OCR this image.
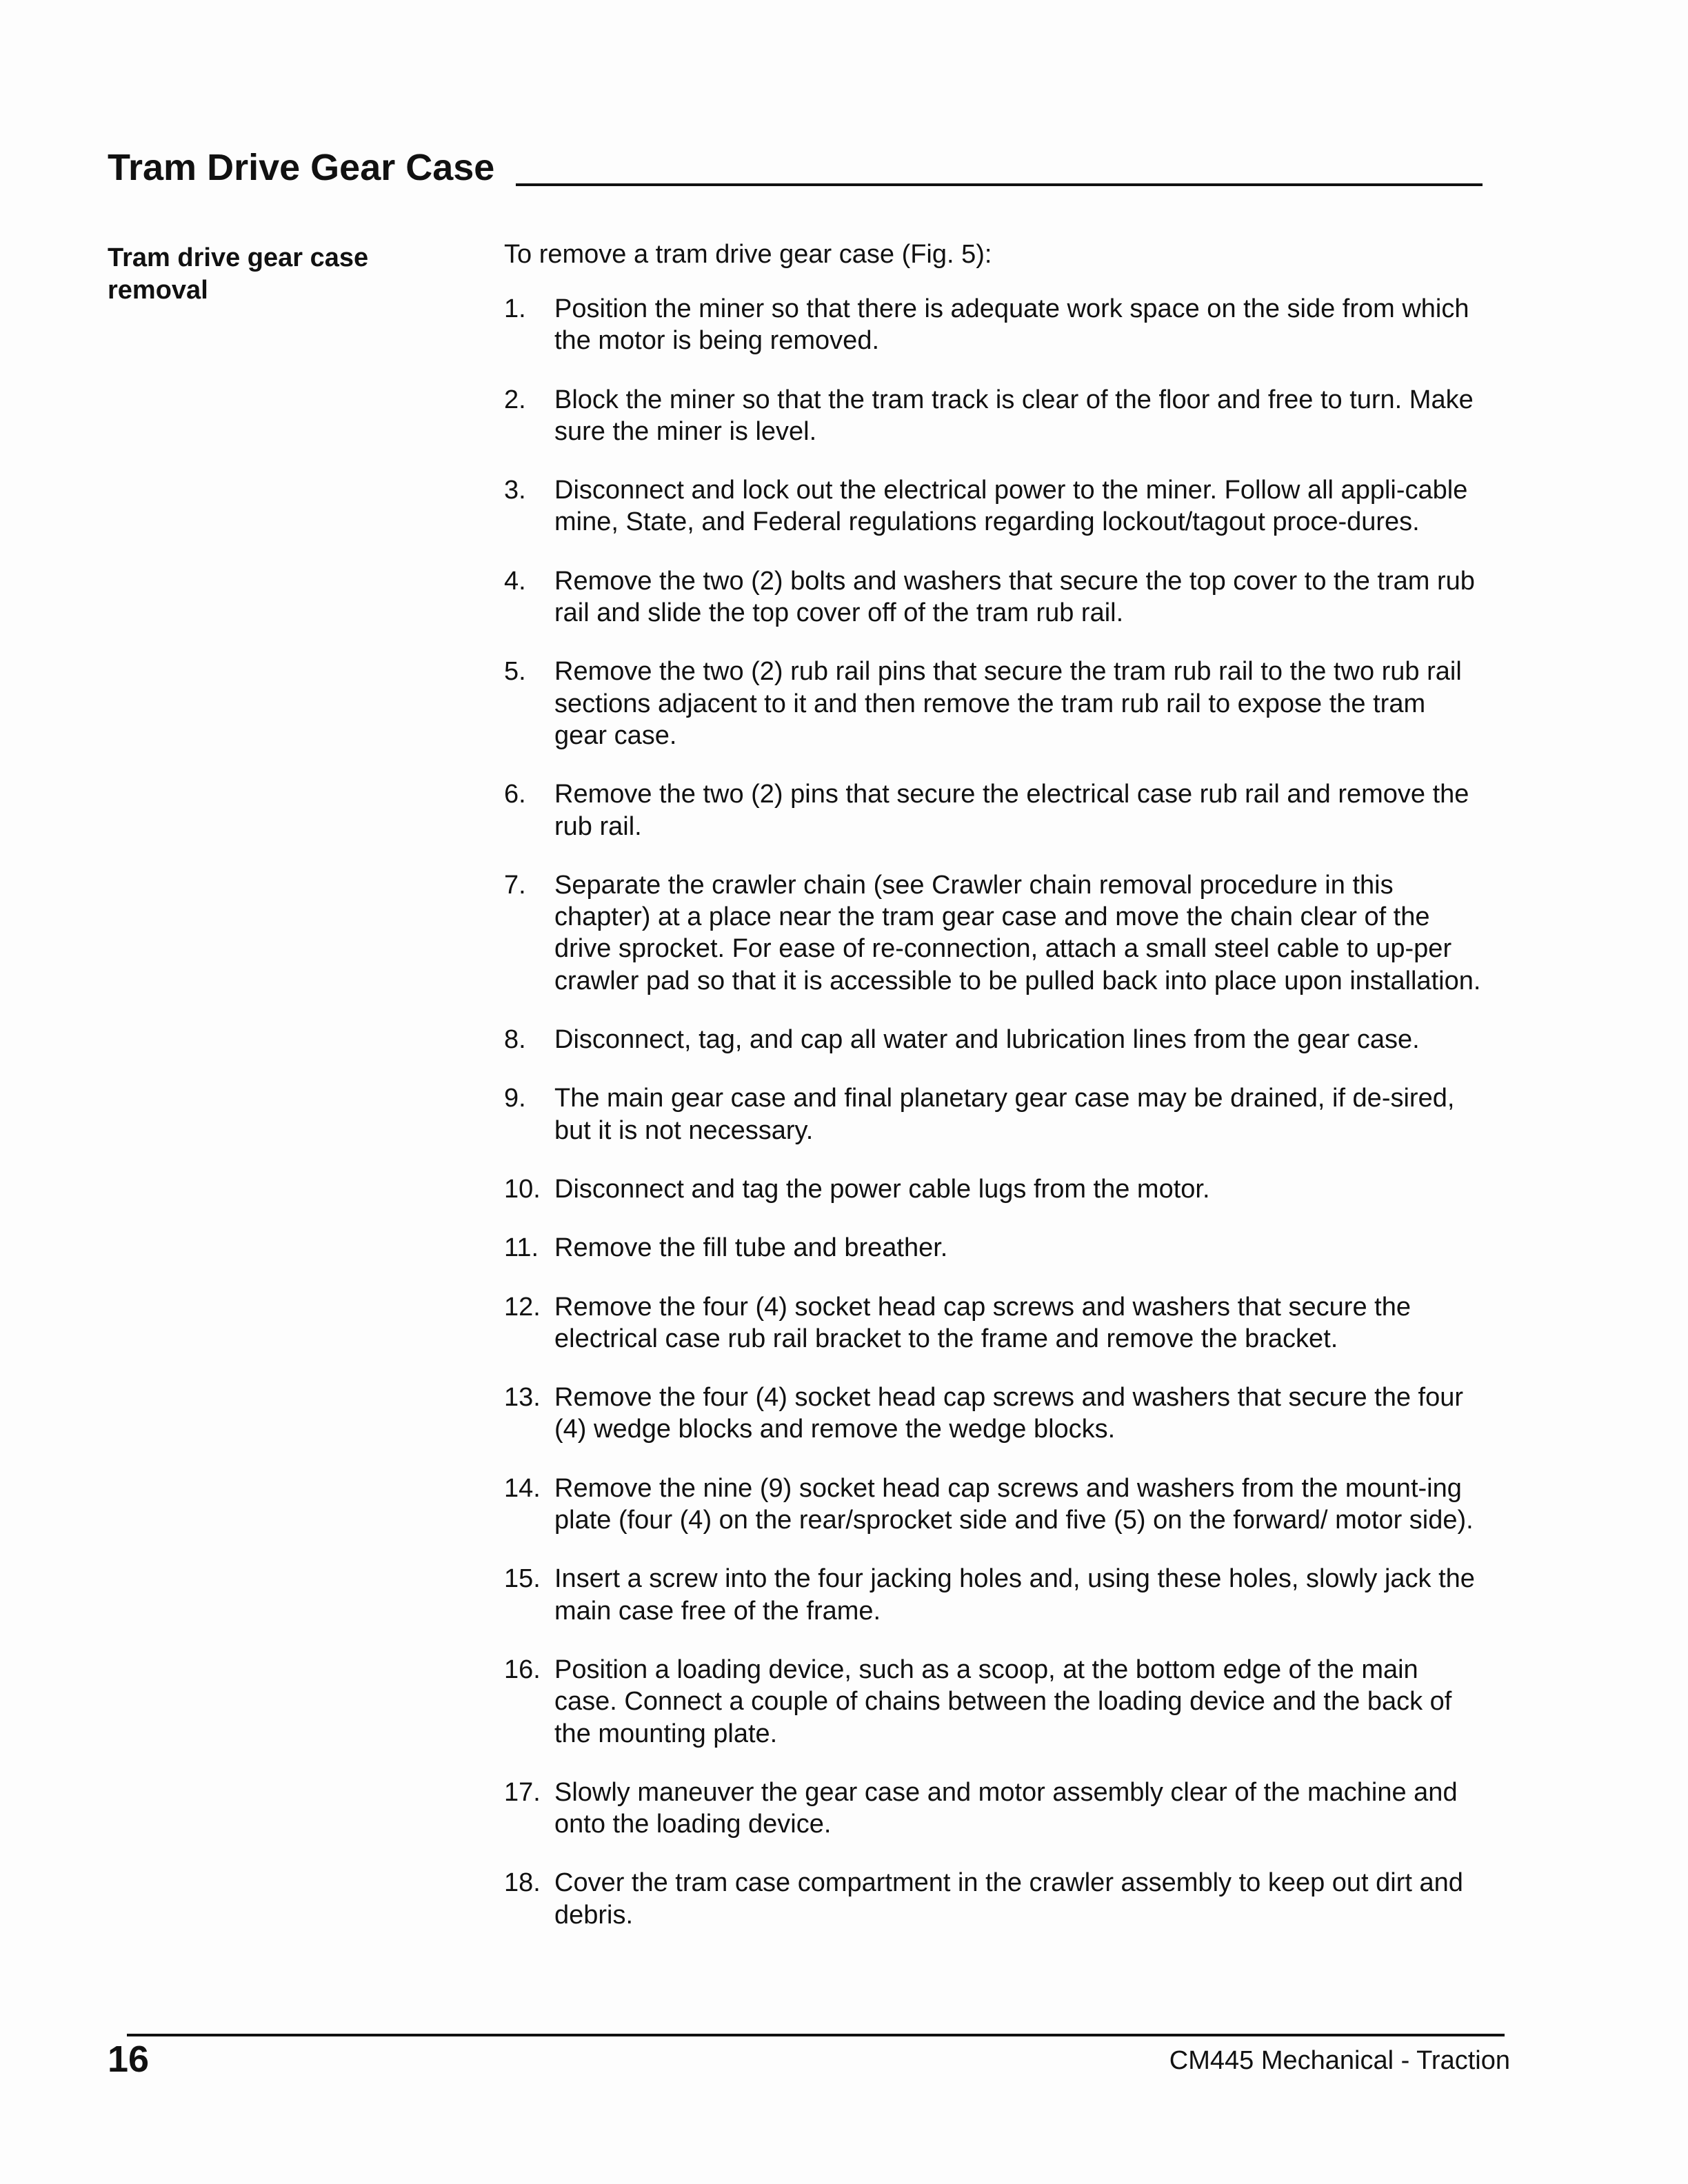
Tram Drive Gear Case
Tram drive gear case removal

To remove a tram drive gear case (Fig. 5):

1. Position the miner so that there is adequate work space on the side from which the motor is being removed.
2. Block the miner so that the tram track is clear of the floor and free to turn. Make sure the miner is level.
3. Disconnect and lock out the electrical power to the miner. Follow all appli-cable mine, State, and Federal regulations regarding lockout/tagout proce-dures.
4. Remove the two (2) bolts and washers that secure the top cover to the tram rub rail and slide the top cover off of the tram rub rail.
5. Remove the two (2) rub rail pins that secure the tram rub rail to the two rub rail sections adjacent to it and then remove the tram rub rail to expose the tram gear case.
6. Remove the two (2) pins that secure the electrical case rub rail and remove the rub rail.
7. Separate the crawler chain (see Crawler chain removal procedure in this chapter) at a place near the tram gear case and move the chain clear of the drive sprocket. For ease of re-connection, attach a small steel cable to up-per crawler pad so that it is accessible to be pulled back into place upon installation.
8. Disconnect, tag, and cap all water and lubrication lines from the gear case.
9. The main gear case and final planetary gear case may be drained, if de-sired, but it is not necessary.
10. Disconnect and tag the power cable lugs from the motor.
11. Remove the fill tube and breather.
12. Remove the four (4) socket head cap screws and washers that secure the electrical case rub rail bracket to the frame and remove the bracket.
13. Remove the four (4) socket head cap screws and washers that secure the four (4) wedge blocks and remove the wedge blocks.
14. Remove the nine (9) socket head cap screws and washers from the mount-ing plate (four (4) on the rear/sprocket side and five (5) on the forward/ motor side).
15. Insert a screw into the four jacking holes and, using these holes, slowly jack the main case free of the frame.
16. Position a loading device, such as a scoop, at the bottom edge of the main case. Connect a couple of chains between the loading device and the back of the mounting plate.
17. Slowly maneuver the gear case and motor assembly clear of the machine and onto the loading device.
18. Cover the tram case compartment in the crawler assembly to keep out dirt and debris.
16	CM445 Mechanical - Traction
